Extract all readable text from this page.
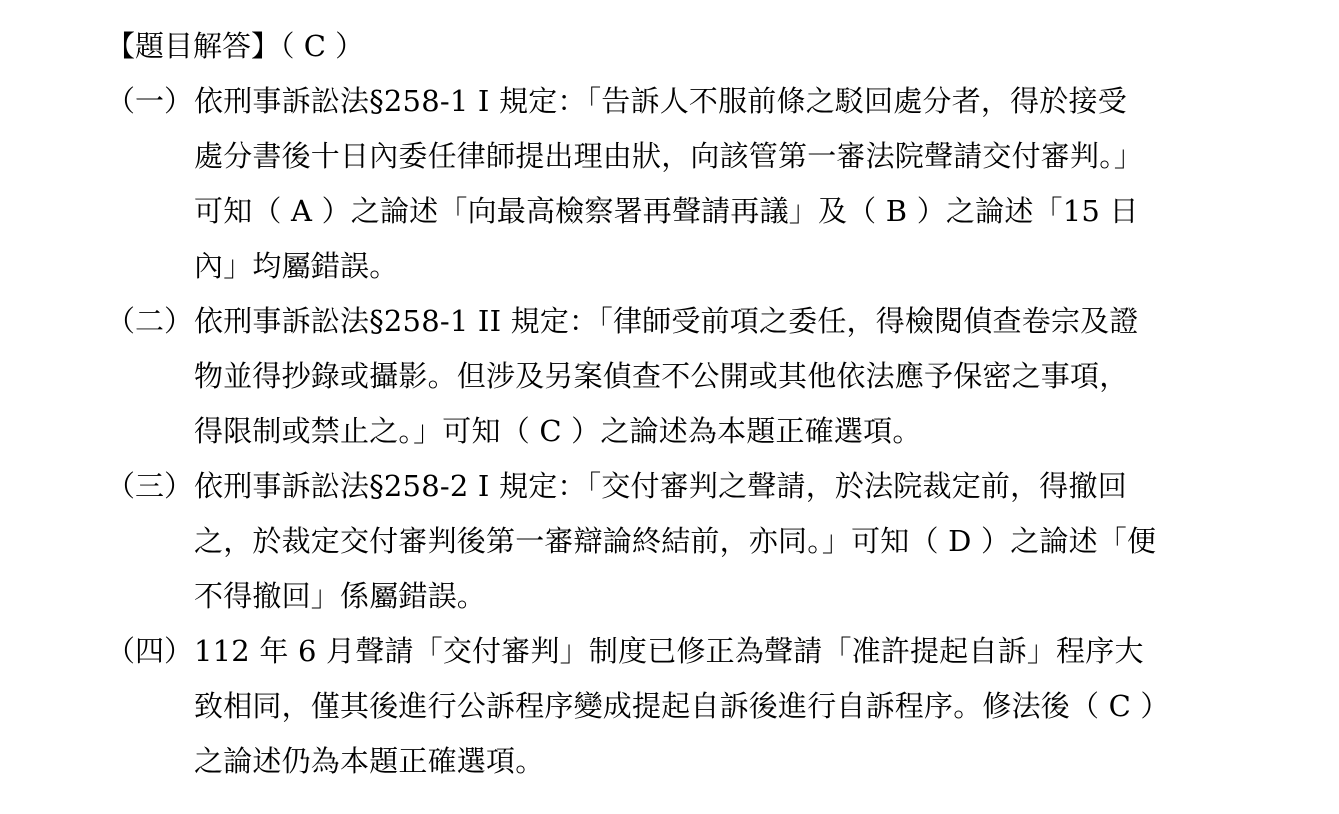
【題目解答】（ C ）
（一） 依刑事訴訟法§258-1 I 規定：「告訴人不服前條之駁回處分者，得於接受
處分書後十日內委任律師提出理由狀，向該管第一審法院聲請交付審判。」
可知（ A ）之論述「向最高檢察署再聲請再議」及（ B ）之論述「15 日
內」均屬錯誤。
（二） 依刑事訴訟法§258-1 II 規定：「律師受前項之委任，得檢閱偵查卷宗及證
物並得抄錄或攝影。但涉及另案偵查不公開或其他依法應予保密之事項，
得限制或禁止之。」可知（ C ）之論述為本題正確選項。
（三） 依刑事訴訟法§258-2 I 規定：「交付審判之聲請，於法院裁定前，得撤回
之，於裁定交付審判後第一審辯論終結前，亦同。」可知（ D ）之論述「便
不得撤回」係屬錯誤。
（四） 112 年 6 月聲請「交付審判」制度已修正為聲請「准許提起自訴」程序大
致相同，僅其後進行公訴程序變成提起自訴後進行自訴程序。修法後（ C ）
之論述仍為本題正確選項。
